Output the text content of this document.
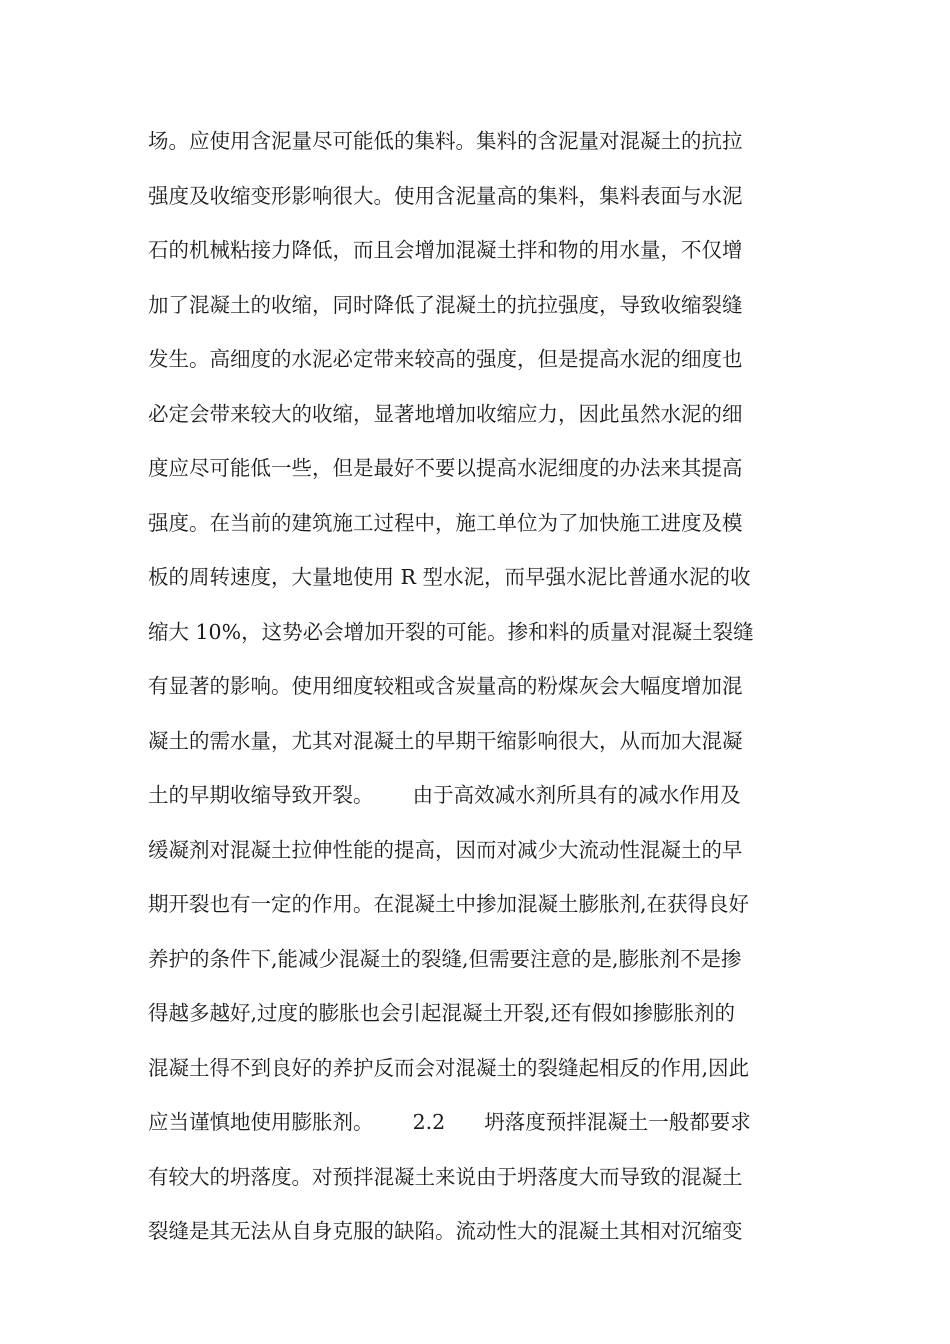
场。应使用含泥量尽可能低的集料。集料的含泥量对混凝土的抗拉
强度及收缩变形影响很大。使用含泥量高的集料，集料表面与水泥
石的机械粘接力降低，而且会增加混凝土拌和物的用水量，不仅增
加了混凝土的收缩，同时降低了混凝土的抗拉强度，导致收缩裂缝
发生。高细度的水泥必定带来较高的强度，但是提高水泥的细度也
必定会带来较大的收缩，显著地增加收缩应力，因此虽然水泥的细
度应尽可能低一些，但是最好不要以提高水泥细度的办法来其提高
强度。在当前的建筑施工过程中，施工单位为了加快施工进度及模
板的周转速度，大量地使用 R 型水泥，而早强水泥比普通水泥的收
缩大 10%，这势必会增加开裂的可能。掺和料的质量对混凝土裂缝
有显著的影响。使用细度较粗或含炭量高的粉煤灰会大幅度增加混
凝土的需水量，尤其对混凝土的早期干缩影响很大，从而加大混凝
土的早期收缩导致开裂。      由于高效减水剂所具有的减水作用及
缓凝剂对混凝土拉伸性能的提高，因而对减少大流动性混凝土的早
期开裂也有一定的作用。在混凝土中掺加混凝土膨胀剂,在获得良好
养护的条件下,能减少混凝土的裂缝,但需要注意的是,膨胀剂不是掺
得越多越好,过度的膨胀也会引起混凝土开裂,还有假如掺膨胀剂的
混凝土得不到良好的养护反而会对混凝土的裂缝起相反的作用,因此
应当谨慎地使用膨胀剂。      2.2      坍落度预拌混凝土一般都要求
有较大的坍落度。对预拌混凝土来说由于坍落度大而导致的混凝土
裂缝是其无法从自身克服的缺陷。流动性大的混凝土其相对沉缩变
